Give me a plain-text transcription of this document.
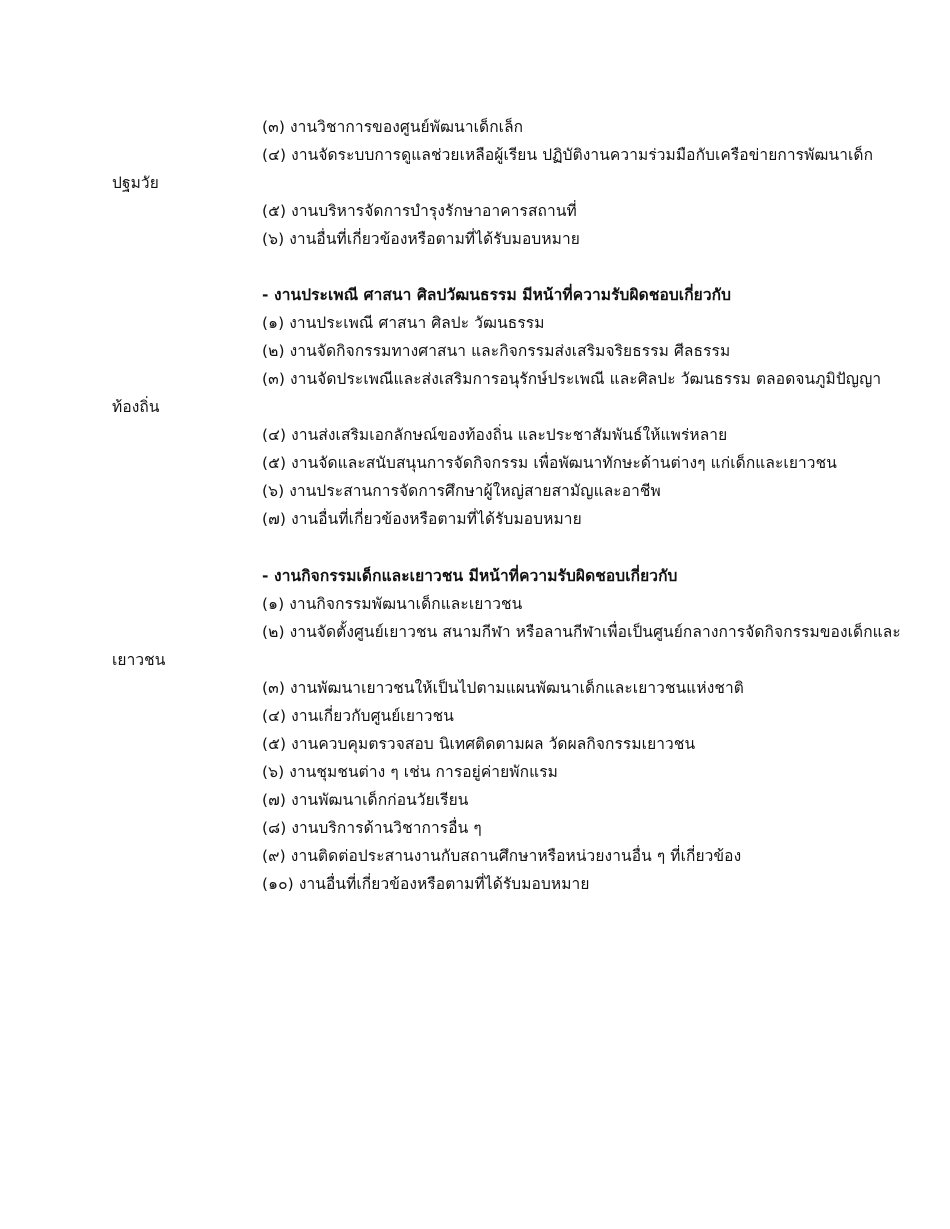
(๓) งานวิชาการของศูนย์พัฒนาเด็กเล็ก
(๔) งานจัดระบบการดูแลช่วยเหลือผู้เรียน ปฏิบัติงานความร่วมมือกับเครือข่ายการพัฒนาเด็ก
ปฐมวัย
(๕) งานบริหารจัดการบำรุงรักษาอาคารสถานที่
(๖) งานอื่นที่เกี่ยวข้องหรือตามที่ได้รับมอบหมาย
- งานประเพณี ศาสนา ศิลปวัฒนธรรม มีหน้าที่ความรับผิดชอบเกี่ยวกับ
(๑) งานประเพณี ศาสนา ศิลปะ วัฒนธรรม
(๒) งานจัดกิจกรรมทางศาสนา และกิจกรรมส่งเสริมจริยธรรม ศีลธรรม
(๓) งานจัดประเพณีและส่งเสริมการอนุรักษ์ประเพณี และศิลปะ วัฒนธรรม ตลอดจนภูมิปัญญา
ท้องถิ่น
(๔) งานส่งเสริมเอกลักษณ์ของท้องถิ่น และประชาสัมพันธ์ให้แพร่หลาย
(๕) งานจัดและสนับสนุนการจัดกิจกรรม เพื่อพัฒนาทักษะด้านต่างๆ แก่เด็กและเยาวชน
(๖) งานประสานการจัดการศึกษาผู้ใหญ่สายสามัญและอาชีพ
(๗) งานอื่นที่เกี่ยวข้องหรือตามที่ได้รับมอบหมาย
- งานกิจกรรมเด็กและเยาวชน มีหน้าที่ความรับผิดชอบเกี่ยวกับ
(๑) งานกิจกรรมพัฒนาเด็กและเยาวชน
(๒) งานจัดตั้งศูนย์เยาวชน สนามกีฬา หรือลานกีฬาเพื่อเป็นศูนย์กลางการจัดกิจกรรมของเด็กและ
เยาวชน
(๓) งานพัฒนาเยาวชนให้เป็นไปตามแผนพัฒนาเด็กและเยาวชนแห่งชาติ
(๔) งานเกี่ยวกับศูนย์เยาวชน
(๕) งานควบคุมตรวจสอบ นิเทศติดตามผล วัดผลกิจกรรมเยาวชน
(๖) งานชุมชนต่าง ๆ เช่น การอยู่ค่ายพักแรม
(๗) งานพัฒนาเด็กก่อนวัยเรียน
(๘) งานบริการด้านวิชาการอื่น ๆ
(๙) งานติดต่อประสานงานกับสถานศึกษาหรือหน่วยงานอื่น ๆ ที่เกี่ยวข้อง
(๑๐) งานอื่นที่เกี่ยวข้องหรือตามที่ได้รับมอบหมาย
